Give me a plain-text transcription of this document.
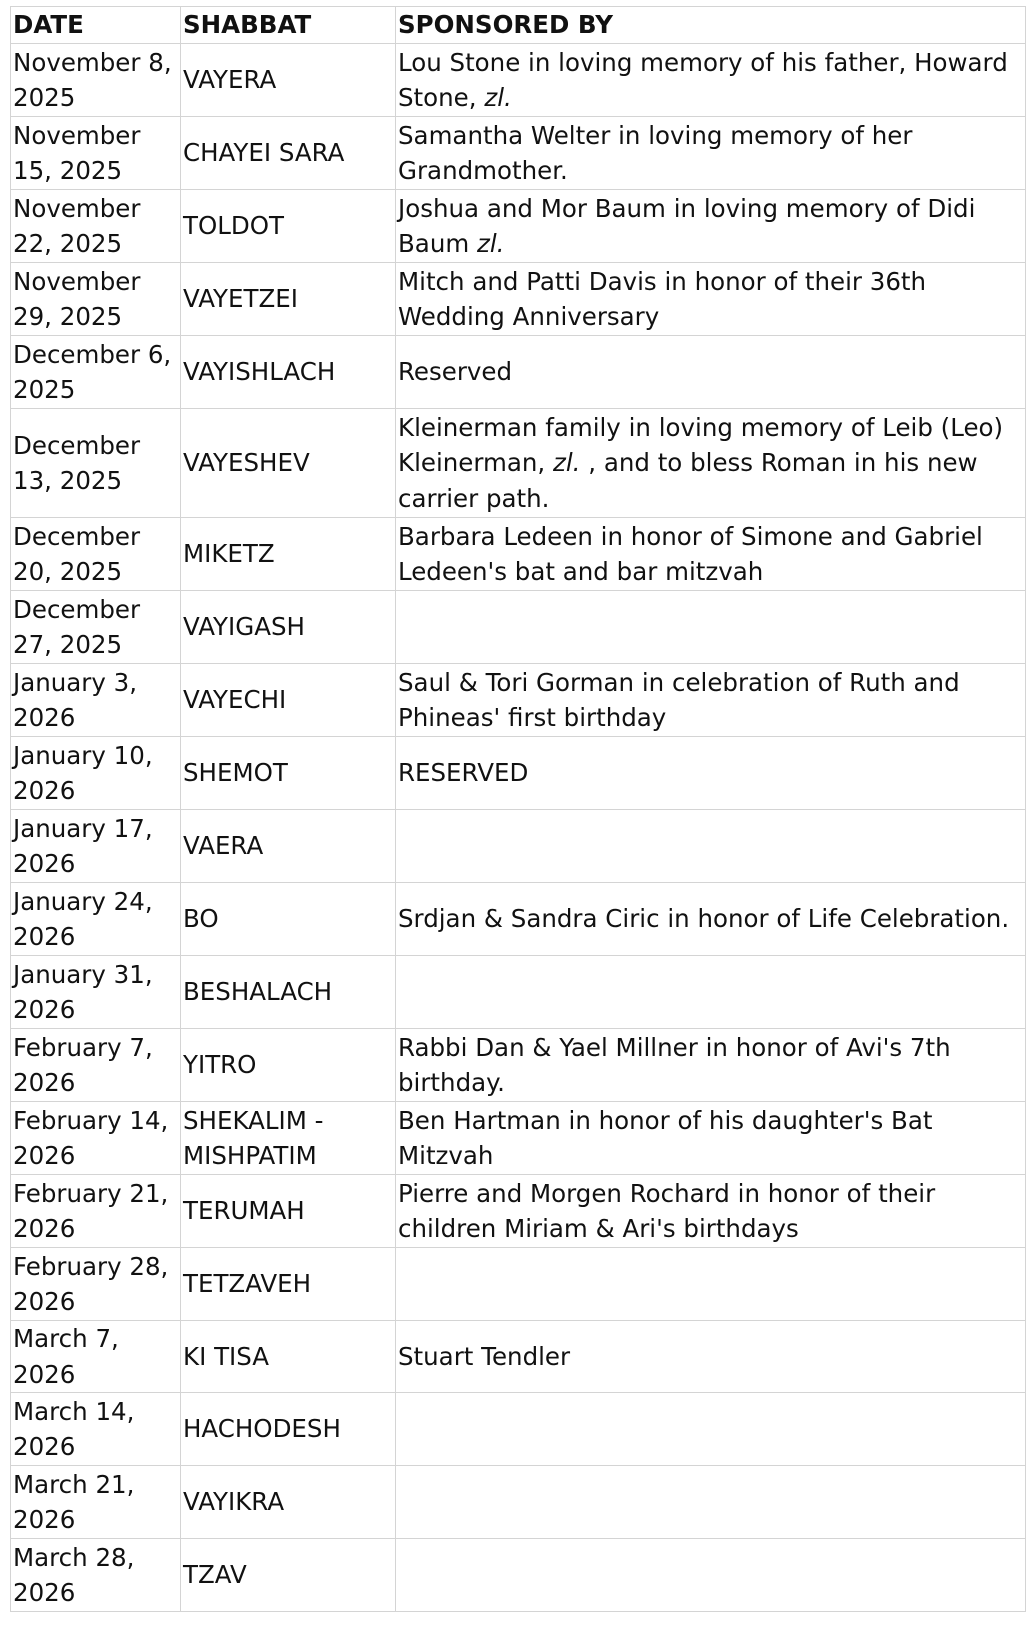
DATE	SHABBAT	SPONSORED BY
November 8, 2025	VAYERA	Lou Stone in loving memory of his father, Howard Stone, zl.
November 15, 2025	CHAYEI SARA	Samantha Welter in loving memory of her Grandmother.
November 22, 2025	TOLDOT	Joshua and Mor Baum in loving memory of Didi Baum zl.
November 29, 2025	VAYETZEI	Mitch and Patti Davis in honor of their 36th Wedding Anniversary
December 6, 2025	VAYISHLACH	Reserved
December 13, 2025	VAYESHEV	Kleinerman family in loving memory of Leib (Leo) Kleinerman, zl. , and to bless Roman in his new carrier path.
December 20, 2025	MIKETZ	Barbara Ledeen in honor of Simone and Gabriel Ledeen's bat and bar mitzvah
December 27, 2025	VAYIGASH	
January 3, 2026	VAYECHI	Saul & Tori Gorman in celebration of Ruth and Phineas' first birthday
January 10, 2026	SHEMOT	RESERVED
January 17, 2026	VAERA	
January 24, 2026	BO	Srdjan & Sandra Ciric in honor of Life Celebration.
January 31, 2026	BESHALACH	
February 7, 2026	YITRO	Rabbi Dan & Yael Millner in honor of Avi's 7th birthday.
February 14, 2026	SHEKALIM - MISHPATIM	Ben Hartman in honor of his daughter's Bat Mitzvah
February 21, 2026	TERUMAH	Pierre and Morgen Rochard in honor of their children Miriam & Ari's birthdays
February 28, 2026	TETZAVEH	
March 7, 2026	KI TISA	Stuart Tendler
March 14, 2026	HACHODESH	
March 21, 2026	VAYIKRA	
March 28, 2026	TZAV	
